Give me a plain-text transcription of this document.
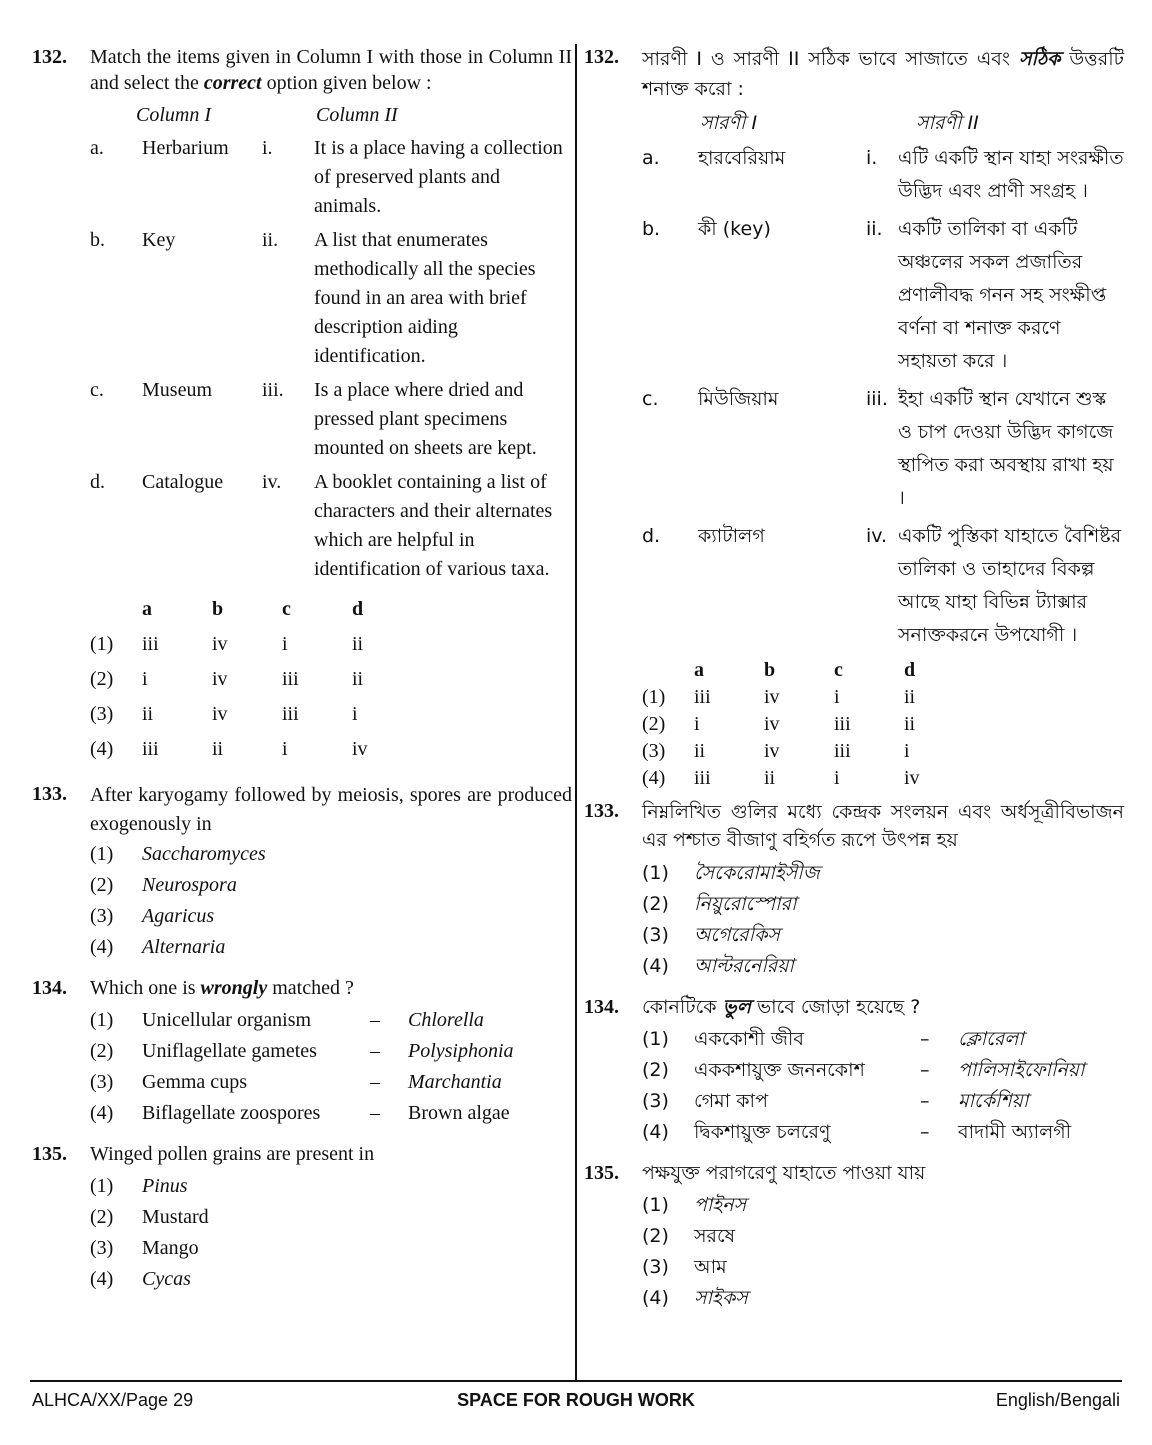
132. Match the items given in Column I with those in Column II and select the correct option given below :
Column I	Column II
a.	Herbarium	i.	It is a place having a collection of preserved plants and animals.
b.	Key	ii.	A list that enumerates methodically all the species found in an area with brief description aiding identification.
c.	Museum	iii.	Is a place where dried and pressed plant specimens mounted on sheets are kept.
d.	Catalogue	iv.	A booklet containing a list of characters and their alternates which are helpful in identification of various taxa.
a	b	c	d
(1)	iii	iv	i	ii
(2)	i	iv	iii	ii
(3)	ii	iv	iii	i
(4)	iii	ii	i	iv
133. After karyogamy followed by meiosis, spores are produced exogenously in
(1)	Saccharomyces
(2)	Neurospora
(3)	Agaricus
(4)	Alternaria
134. Which one is wrongly matched ?
(1)	Unicellular organism	–	Chlorella
(2)	Uniflagellate gametes	–	Polysiphonia
(3)	Gemma cups	–	Marchantia
(4)	Biflagellate zoospores	–	Brown algae
135. Winged pollen grains are present in
(1)	Pinus
(2)	Mustard
(3)	Mango
(4)	Cycas
132. সারণী I ও সারণী II সঠিক ভাবে সাজাতে এবং সঠিক উত্তরটি শনাক্ত করো :
সারণী I	সারণী II
a.	হারবেরিয়াম	i.	এটি একটি স্থান যাহা সংরক্ষীত উদ্ভিদ এবং প্রাণী সংগ্রহ ।
b.	কী (key)	ii. একটি তালিকা বা একটি অঞ্চলের সকল প্রজাতির প্রণালীবদ্ধ গনন সহ সংক্ষীপ্ত বর্ণনা বা শনাক্ত করণে সহায়তা করে ।
c.	মিউজিয়াম	iii. ইহা একটি স্থান যেখানে শুস্ক ও চাপ দেওয়া উদ্ভিদ কাগজে স্থাপিত করা অবস্থায় রাখা হয় ।
d.	ক্যাটালগ	iv. একটি পুস্তিকা যাহাতে বৈশিষ্টর তালিকা ও তাহাদের বিকল্প আছে যাহা বিভিন্ন ট্যাক্সার সনাক্তকরনে উপযোগী ।
a	b	c	d
(1)	iii	iv	i	ii
(2)	i	iv	iii	ii
(3)	ii	iv	iii	i
(4)	iii	ii	i	iv
133. নিম্নলিখিত গুলির মধ্যে কেন্দ্রক সংলয়ন এবং অর্ধসূত্রীবিভাজন এর পশ্চাত বীজাণু বহির্গত রূপে উৎপন্ন হয়
(1)	সৈকেরোমাইসীজ
(2)	নিয়ুরোস্পোরা
(3)	অগেরেকিস
(4)	আল্টরনেরিয়া
134. কোনটিকে ভুল ভাবে জোড়া হয়েছে ?
(1)	এককোশী জীব	–	ক্লোরেলা
(2)	এককশায়ুক্ত জননকোশ	–	পালিসাইফোনিয়া
(3)	গেমা কাপ	–	মার্কেশিয়া
(4)	দ্বিকশায়ুক্ত চলরেণু	–	বাদামী অ্যালগী
135. পক্ষযুক্ত পরাগরেণু যাহাতে পাওয়া যায়
(1)	পাইনস
(2)	সরষে
(3)	আম
(4)	সাইকস
ALHCA/XX/Page 29	SPACE FOR ROUGH WORK	English/Bengali
